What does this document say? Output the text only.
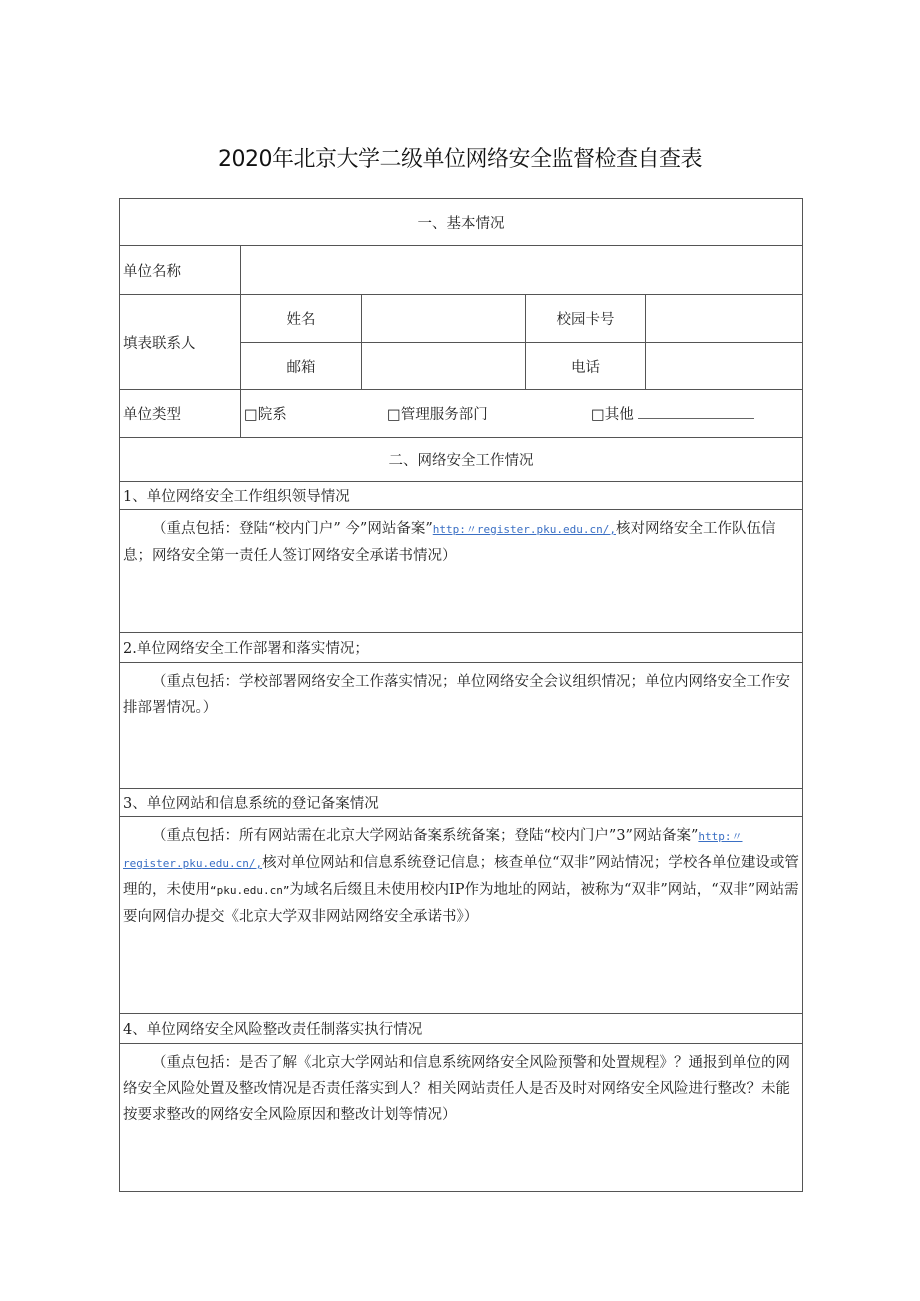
2020年北京大学二级单位网络安全监督检查自查表
一、基本情况				
单位名称				
填表联系人	姓名		校园卡号	
	邮箱		电话	
单位类型	□院系 □管理服务部门 □其他			
二、网络安全工作情况				
1、单位网络安全工作组织领导情况				
（重点包括：登陆“校内门户” 今”网站备案”http:〃register.pku.edu.cn/,核对网络安全工作队伍信息；网络安全第一责任人签订网络安全承诺书情况）				
2.单位网络安全工作部署和落实情况；				
（重点包括：学校部署网络安全工作落实情况；单位网络安全会议组织情况；单位内网络安全工作安排部署情况。）				
3、单位网站和信息系统的登记备案情况				
（重点包括：所有网站需在北京大学网站备案系统备案；登陆“校内门户”3”网站备案”http:〃register.pku.edu.cn/,核对单位网站和信息系统登记信息；核查单位“双非”网站情况；学校各单位建设或管理的，未使用“pku.edu.cn”为域名后缀且未使用校内IP作为地址的网站，被称为“双非”网站，“双非”网站需要向网信办提交《北京大学双非网站网络安全承诺书》）				
4、单位网络安全风险整改责任制落实执行情况				
（重点包括：是否了解《北京大学网站和信息系统网络安全风险预警和处置规程》？通报到单位的网络安全风险处置及整改情况是否责任落实到人？相关网站责任人是否及时对网络安全风险进行整改？未能按要求整改的网络安全风险原因和整改计划等情况）				
